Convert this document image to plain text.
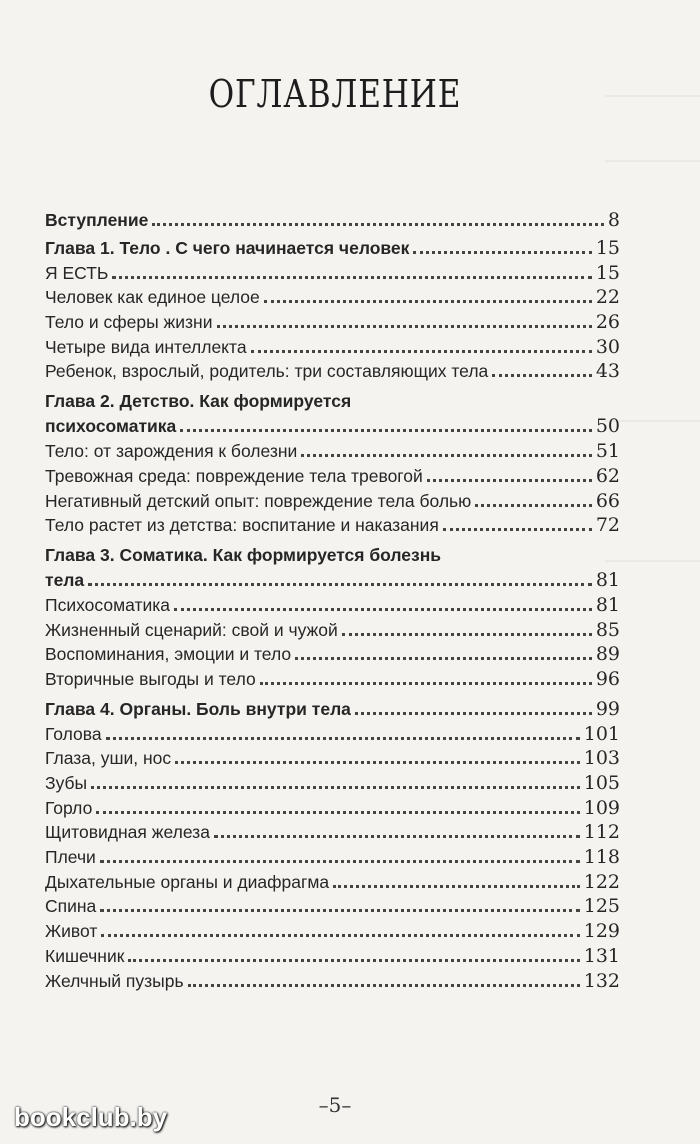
ОГЛАВЛЕНИЕ
Вступление	8
Глава 1. Тело . С чего начинается человек	15
Я ЕСТЬ	15
Человек как единое целое	22
Тело и сферы жизни	26
Четыре вида интеллекта	30
Ребенок, взрослый, родитель: три составляющих тела	43
Глава 2. Детство. Как формируется
психосоматика	50
Тело: от зарождения к болезни	51
Тревожная среда: повреждение тела тревогой	62
Негативный детский опыт: повреждение тела болью	66
Тело растет из детства: воспитание и наказания	72
Глава 3. Соматика. Как формируется болезнь
тела	81
Психосоматика	81
Жизненный сценарий: свой и чужой	85
Воспоминания, эмоции и тело	89
Вторичные выгоды и тело	96
Глава 4. Органы. Боль внутри тела	99
Голова	101
Глаза, уши, нос	103
Зубы	105
Горло	109
Щитовидная железа	112
Плечи	118
Дыхательные органы и диафрагма	122
Спина	125
Живот	129
Кишечник	131
Желчный пузырь	132
–5–
bookclub.by
